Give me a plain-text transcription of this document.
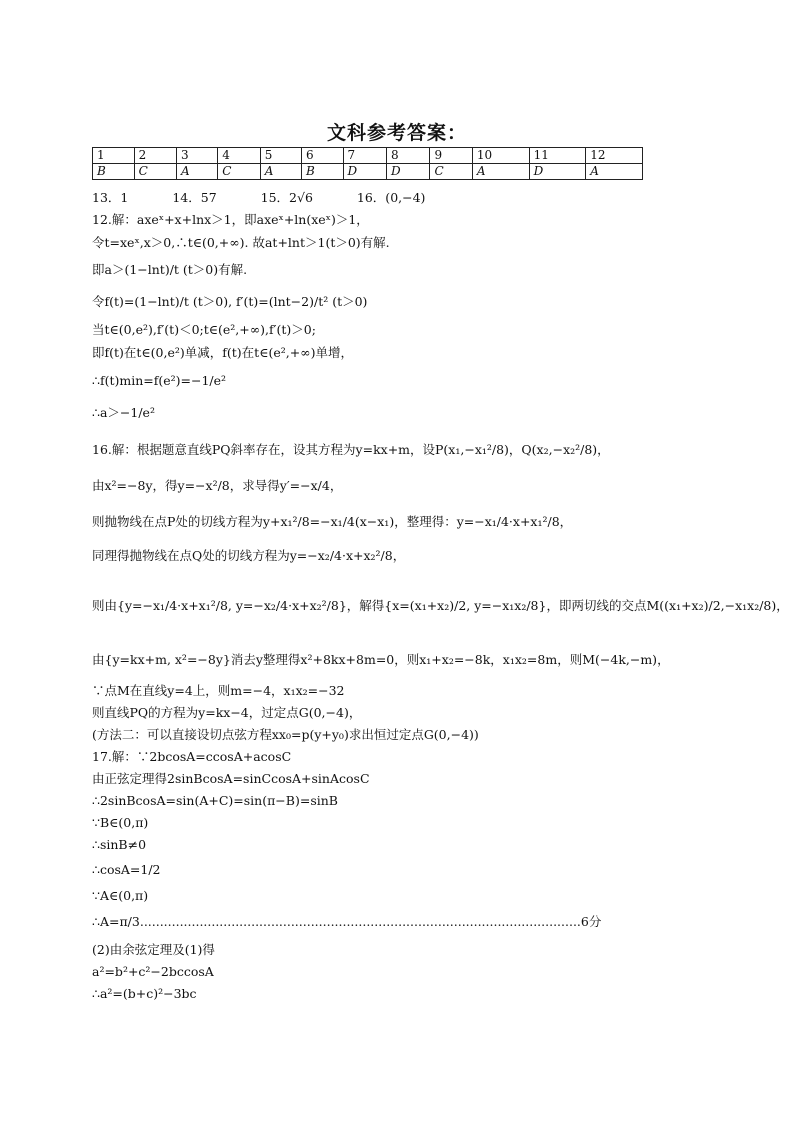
文科参考答案：
1	2	3	4	5	6	7	8	9	10	11	12
B	C	A	C	A	B	D	D	C	A	D	A
13．1	14．57	15．2√6	16．(0,−4)
12.解：axeˣ+x+lnx＞1，即axeˣ+ln(xeˣ)＞1，
令t=xeˣ,x＞0,∴t∈(0,+∞). 故at+lnt＞1(t＞0)有解.
即a＞(1−lnt)/t (t＞0)有解.
令f(t)=(1−lnt)/t (t＞0), f′(t)=(lnt−2)/t² (t＞0)
当t∈(0,e²),f′(t)＜0;t∈(e²,+∞),f′(t)＞0;
即f(t)在t∈(0,e²)单减，f(t)在t∈(e²,+∞)单增，
∴f(t)min=f(e²)=−1/e²
∴a＞−1/e²
16.解：根据题意直线PQ斜率存在，设其方程为y=kx+m，设P(x₁,−x₁²/8)，Q(x₂,−x₂²/8)，
由x²=−8y，得y=−x²/8，求导得y′=−x/4，
则抛物线在点P处的切线方程为y+x₁²/8=−x₁/4(x−x₁)，整理得：y=−x₁/4·x+x₁²/8，
同理得抛物线在点Q处的切线方程为y=−x₂/4·x+x₂²/8，
则由{y=−x₁/4·x+x₁²/8, y=−x₂/4·x+x₂²/8}，解得{x=(x₁+x₂)/2, y=−x₁x₂/8}，即两切线的交点M((x₁+x₂)/2,−x₁x₂/8)，
由{y=kx+m, x²=−8y}消去y整理得x²+8kx+8m=0，则x₁+x₂=−8k，x₁x₂=8m，则M(−4k,−m)，
∵点M在直线y=4上，则m=−4，x₁x₂=−32
则直线PQ的方程为y=kx−4，过定点G(0,−4)，
(方法二：可以直接设切点弦方程xx₀=p(y+y₀)求出恒过定点G(0,−4))
17.解：∵2bcosA=ccosA+acosC
由正弦定理得2sinBcosA=sinCcosA+sinAcosC
∴2sinBcosA=sin(A+C)=sin(π−B)=sinB
∵B∈(0,π)
∴sinB≠0
∴cosA=1/2
∵A∈(0,π)
∴A=π/3...............................................................................................................6分
(2)由余弦定理及(1)得
a²=b²+c²−2bccosA
∴a²=(b+c)²−3bc
